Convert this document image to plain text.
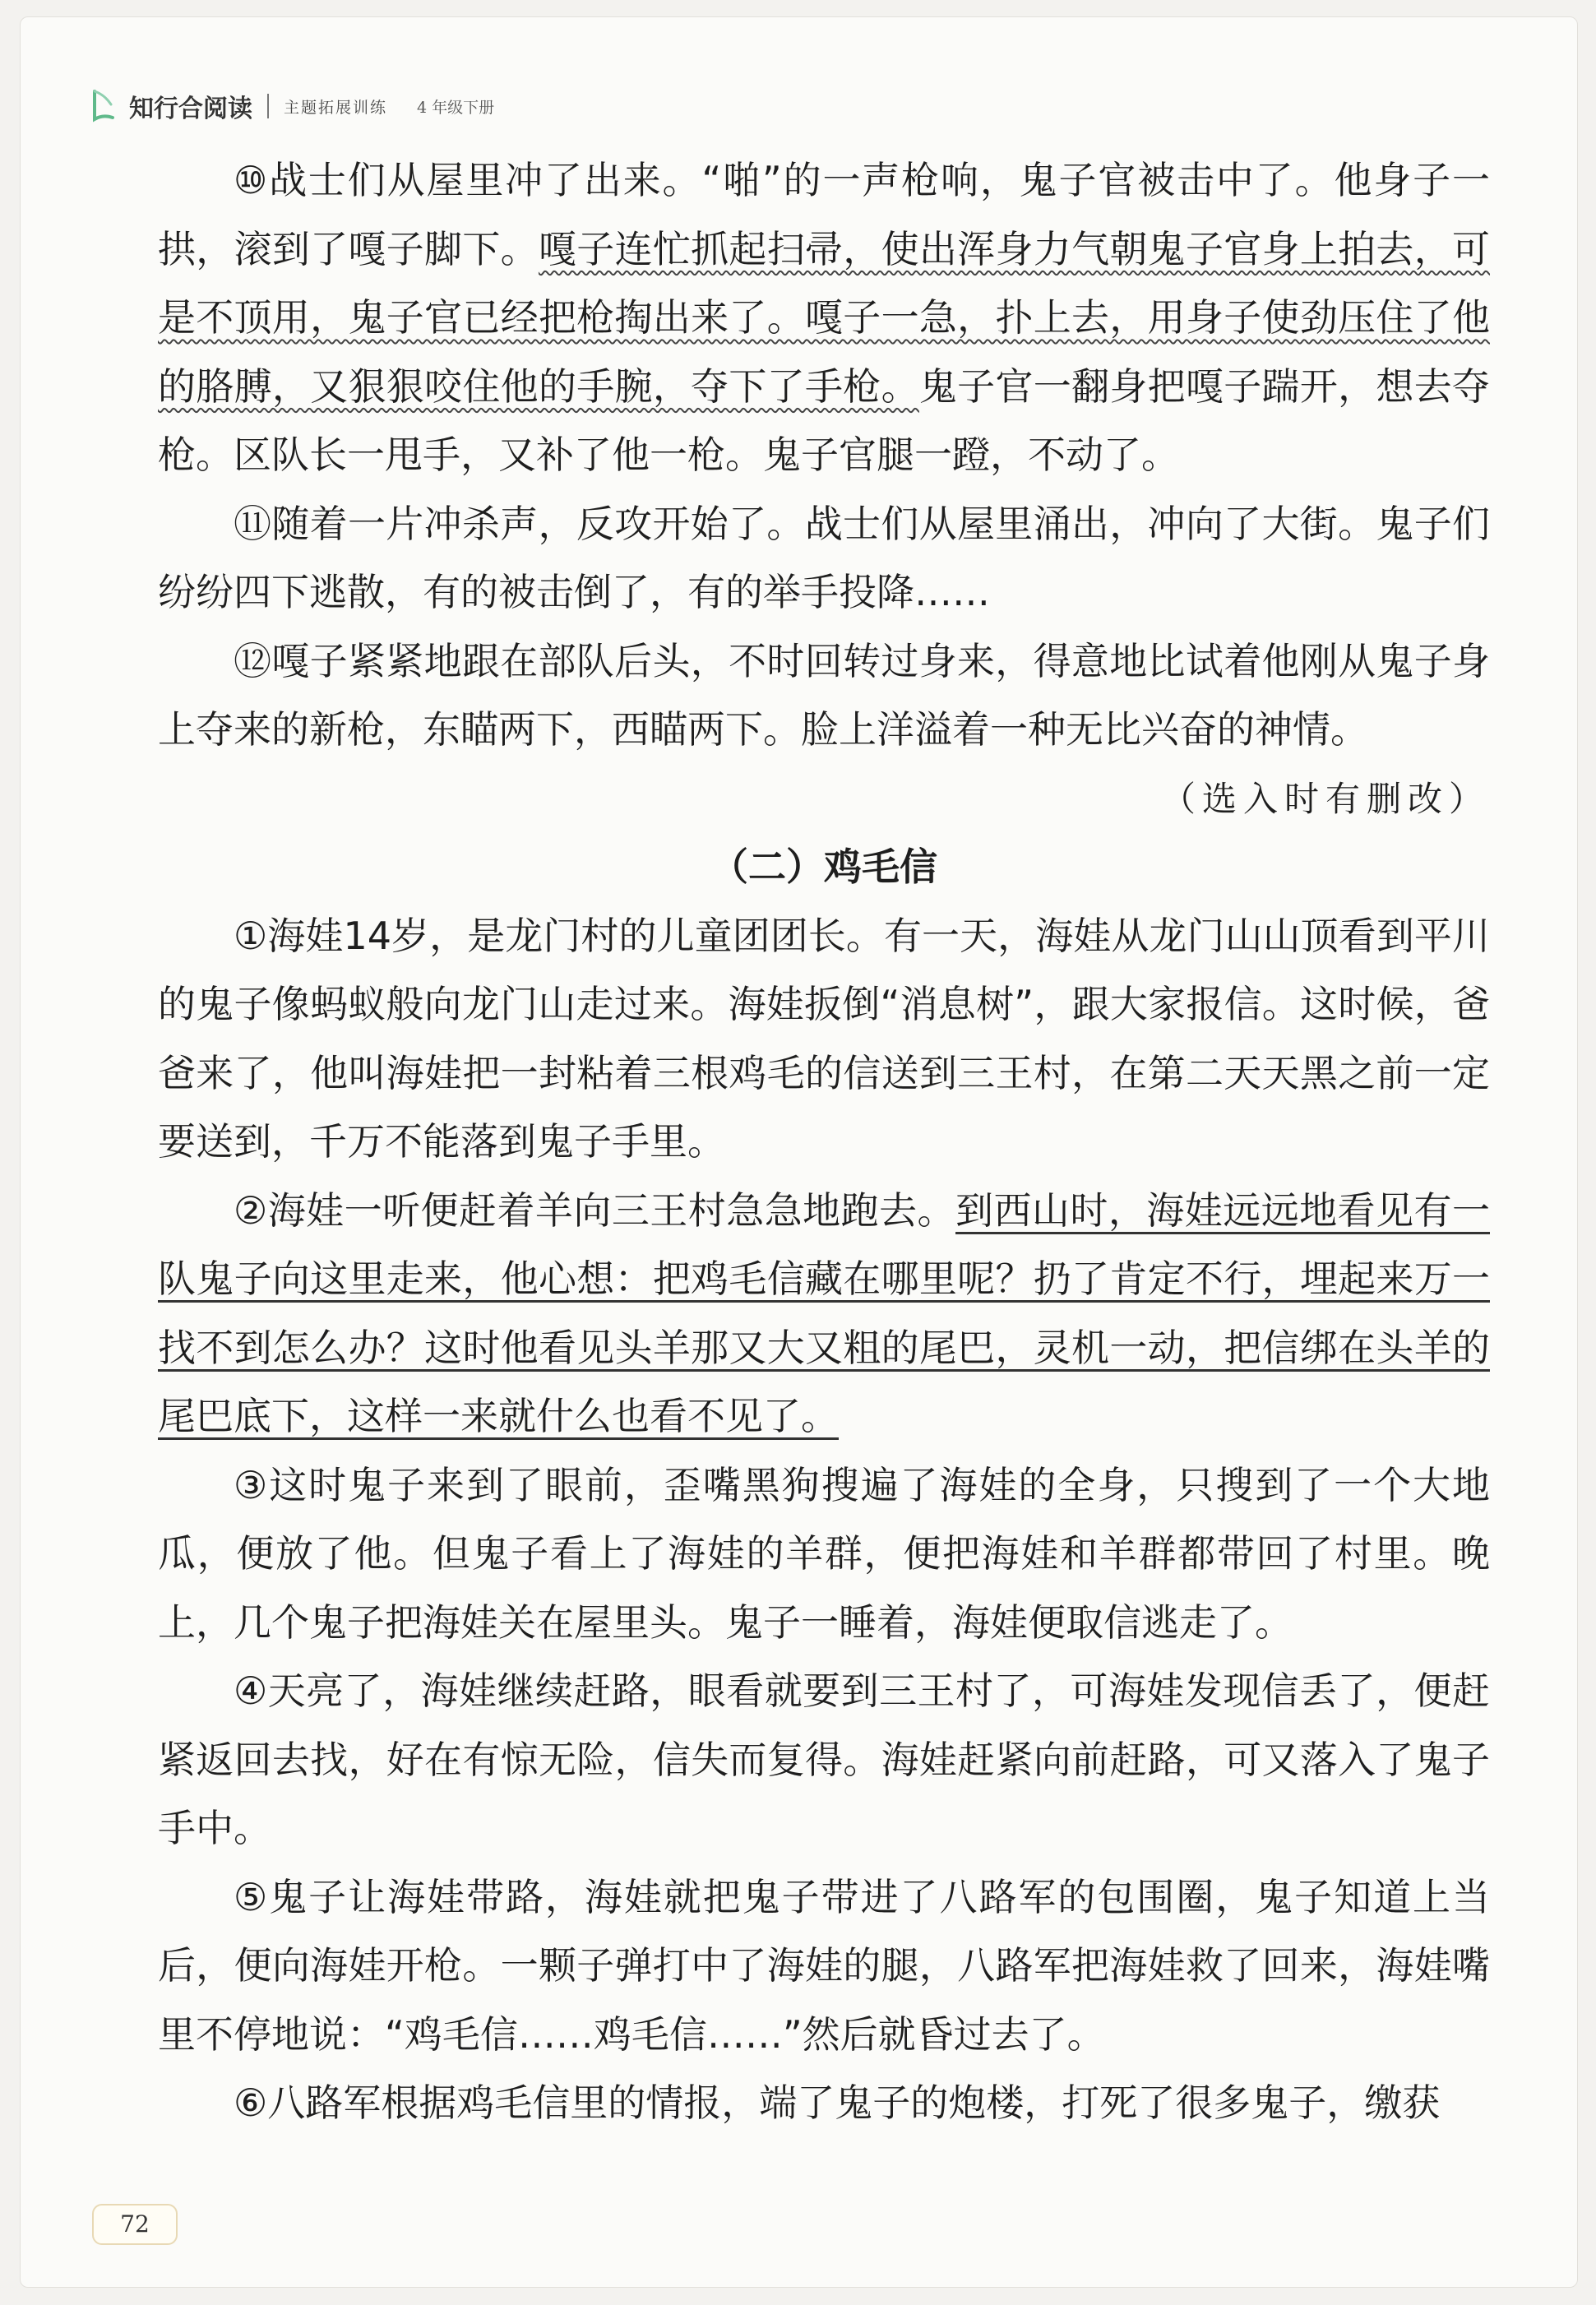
知行合阅读 主题拓展训练 4 年级下册

⑩战士们从屋里冲了出来。“啪”的一声枪响，鬼子官被击中了。他身子一拱，滚到了嘎子脚下。嘎子连忙抓起扫帚，使出浑身力气朝鬼子官身上拍去，可是不顶用，鬼子官已经把枪掏出来了。嘎子一急，扑上去，用身子使劲压住了他的胳膊，又狠狠咬住他的手腕，夺下了手枪。鬼子官一翻身把嘎子踹开，想去夺枪。区队长一甩手，又补了他一枪。鬼子官腿一蹬，不动了。

⑪随着一片冲杀声，反攻开始了。战士们从屋里涌出，冲向了大街。鬼子们纷纷四下逃散，有的被击倒了，有的举手投降……

⑫嘎子紧紧地跟在部队后头，不时回转过身来，得意地比试着他刚从鬼子身上夺来的新枪，东瞄两下，西瞄两下。脸上洋溢着一种无比兴奋的神情。

（选入时有删改）

（二）鸡毛信

①海娃14岁，是龙门村的儿童团团长。有一天，海娃从龙门山山顶看到平川的鬼子像蚂蚁般向龙门山走过来。海娃扳倒“消息树”，跟大家报信。这时候，爸爸来了，他叫海娃把一封粘着三根鸡毛的信送到三王村，在第二天天黑之前一定要送到，千万不能落到鬼子手里。

②海娃一听便赶着羊向三王村急急地跑去。到西山时，海娃远远地看见有一队鬼子向这里走来，他心想：把鸡毛信藏在哪里呢？扔了肯定不行，埋起来万一找不到怎么办？这时他看见头羊那又大又粗的尾巴，灵机一动，把信绑在头羊的尾巴底下，这样一来就什么也看不见了。

③这时鬼子来到了眼前，歪嘴黑狗搜遍了海娃的全身，只搜到了一个大地瓜，便放了他。但鬼子看上了海娃的羊群，便把海娃和羊群都带回了村里。晚上，几个鬼子把海娃关在屋里头。鬼子一睡着，海娃便取信逃走了。

④天亮了，海娃继续赶路，眼看就要到三王村了，可海娃发现信丢了，便赶紧返回去找，好在有惊无险，信失而复得。海娃赶紧向前赶路，可又落入了鬼子手中。

⑤鬼子让海娃带路，海娃就把鬼子带进了八路军的包围圈，鬼子知道上当后，便向海娃开枪。一颗子弹打中了海娃的腿，八路军把海娃救了回来，海娃嘴里不停地说：“鸡毛信……鸡毛信……”然后就昏过去了。

⑥八路军根据鸡毛信里的情报，端了鬼子的炮楼，打死了很多鬼子，缴获

72
